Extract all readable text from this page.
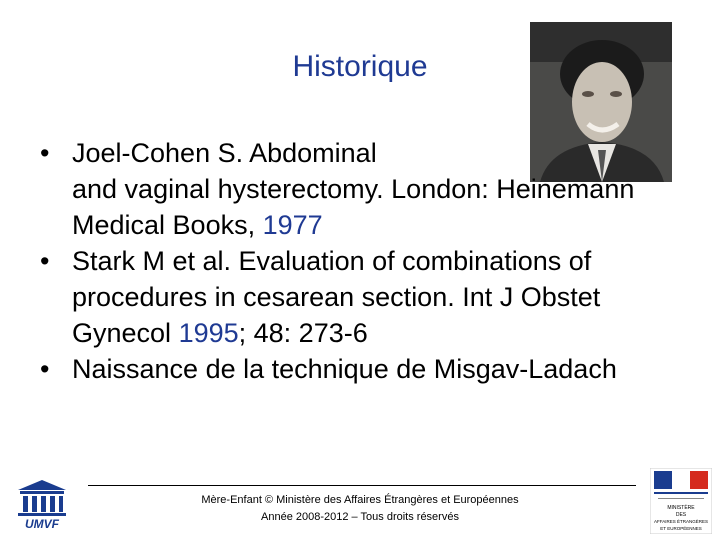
Historique
• Joel-Cohen S. Abdominal
and vaginal hysterectomy. London: Heinemann Medical Books, 1977
• Stark M et al. Evaluation of combinations of procedures in cesarean section. Int J Obstet Gynecol 1995; 48: 273-6
• Naissance de la technique de Misgav-Ladach
Mère-Enfant © Ministère des Affaires Étrangères et Européennes
Année 2008-2012 – Tous droits réservés
UMVF
MINISTÈRE
DES
AFFAIRES ÉTRANGÈRES
ET EUROPÉENNES
